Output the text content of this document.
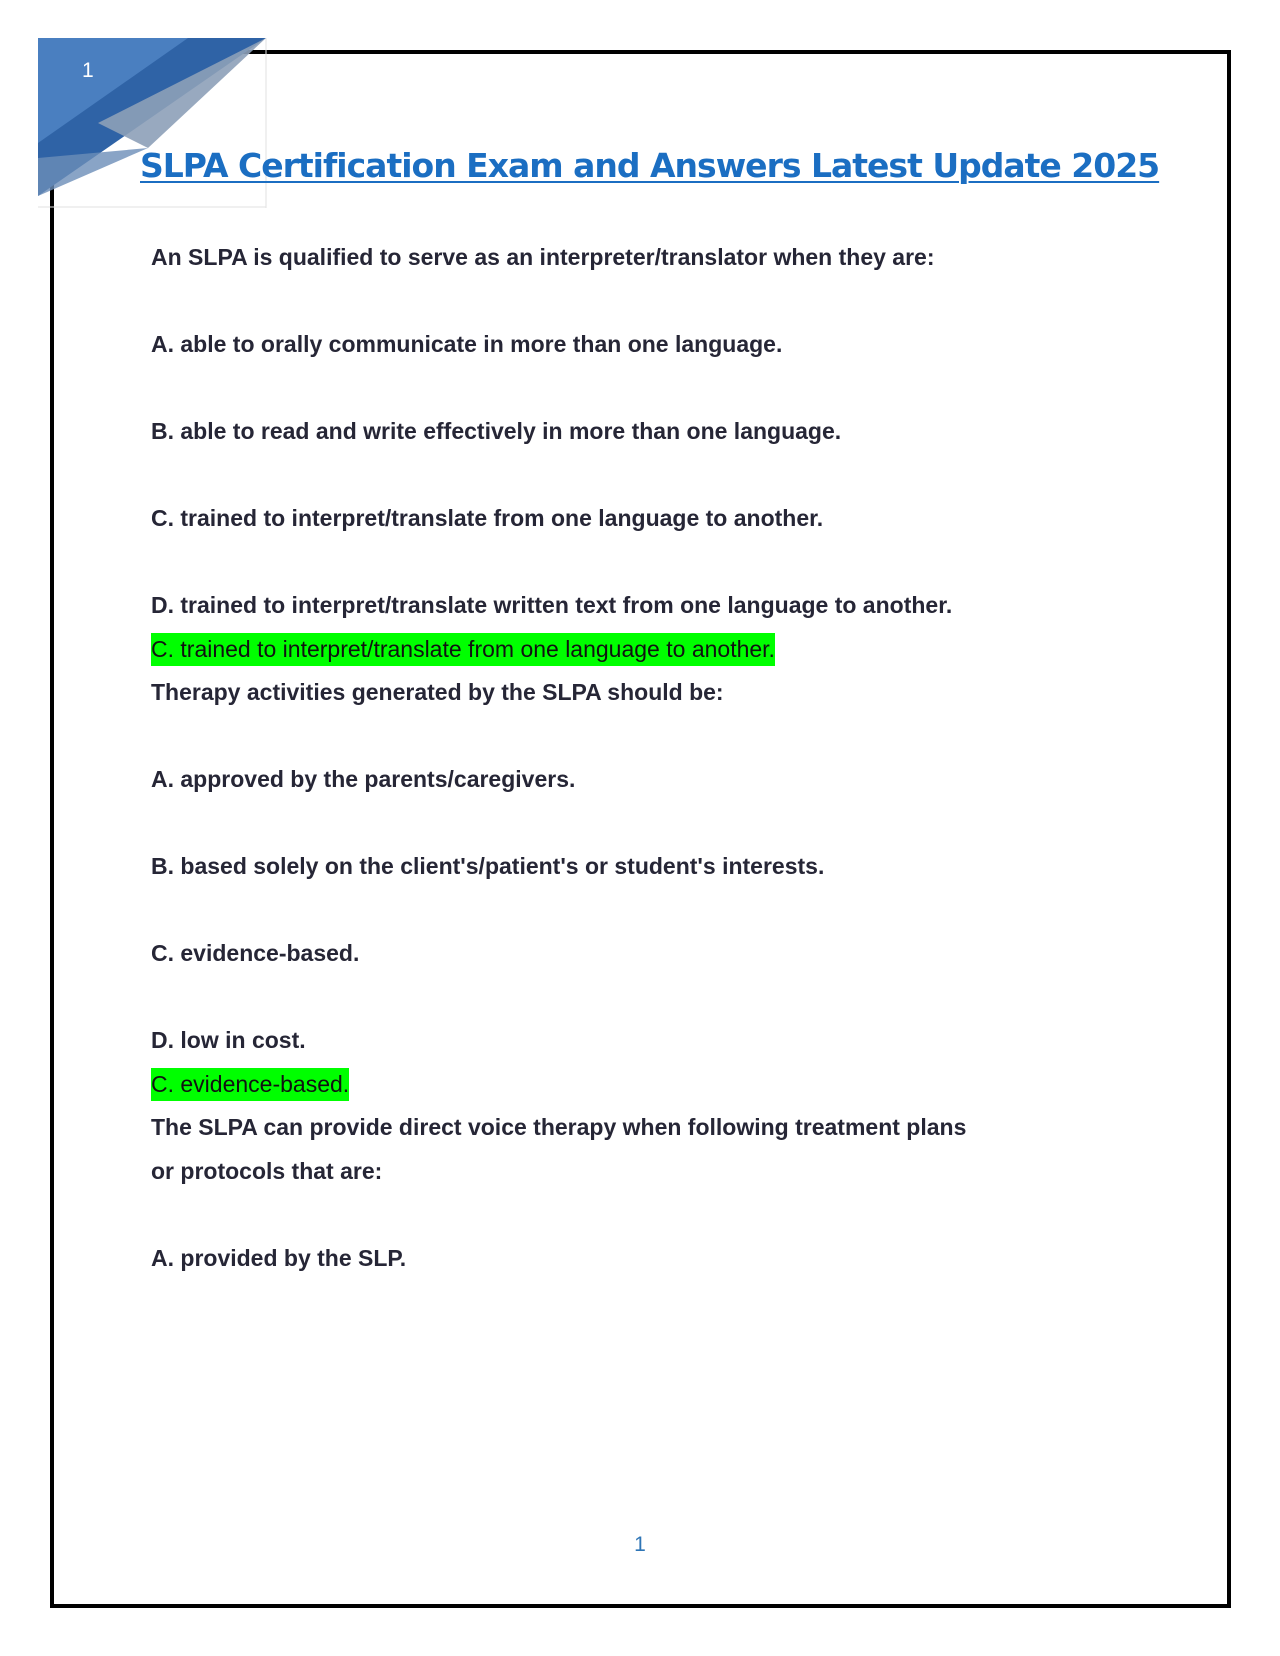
1
SLPA Certification Exam and Answers Latest Update 2025

An SLPA is qualified to serve as an interpreter/translator when they are:

A. able to orally communicate in more than one language.

B. able to read and write effectively in more than one language.

C. trained to interpret/translate from one language to another.

D. trained to interpret/translate written text from one language to another.

C. trained to interpret/translate from one language to another.

Therapy activities generated by the SLPA should be:

A. approved by the parents/caregivers.

B. based solely on the client's/patient's or student's interests.

C. evidence-based.

D. low in cost.

C. evidence-based.

The SLPA can provide direct voice therapy when following treatment plans

or protocols that are:

A. provided by the SLP.

1
